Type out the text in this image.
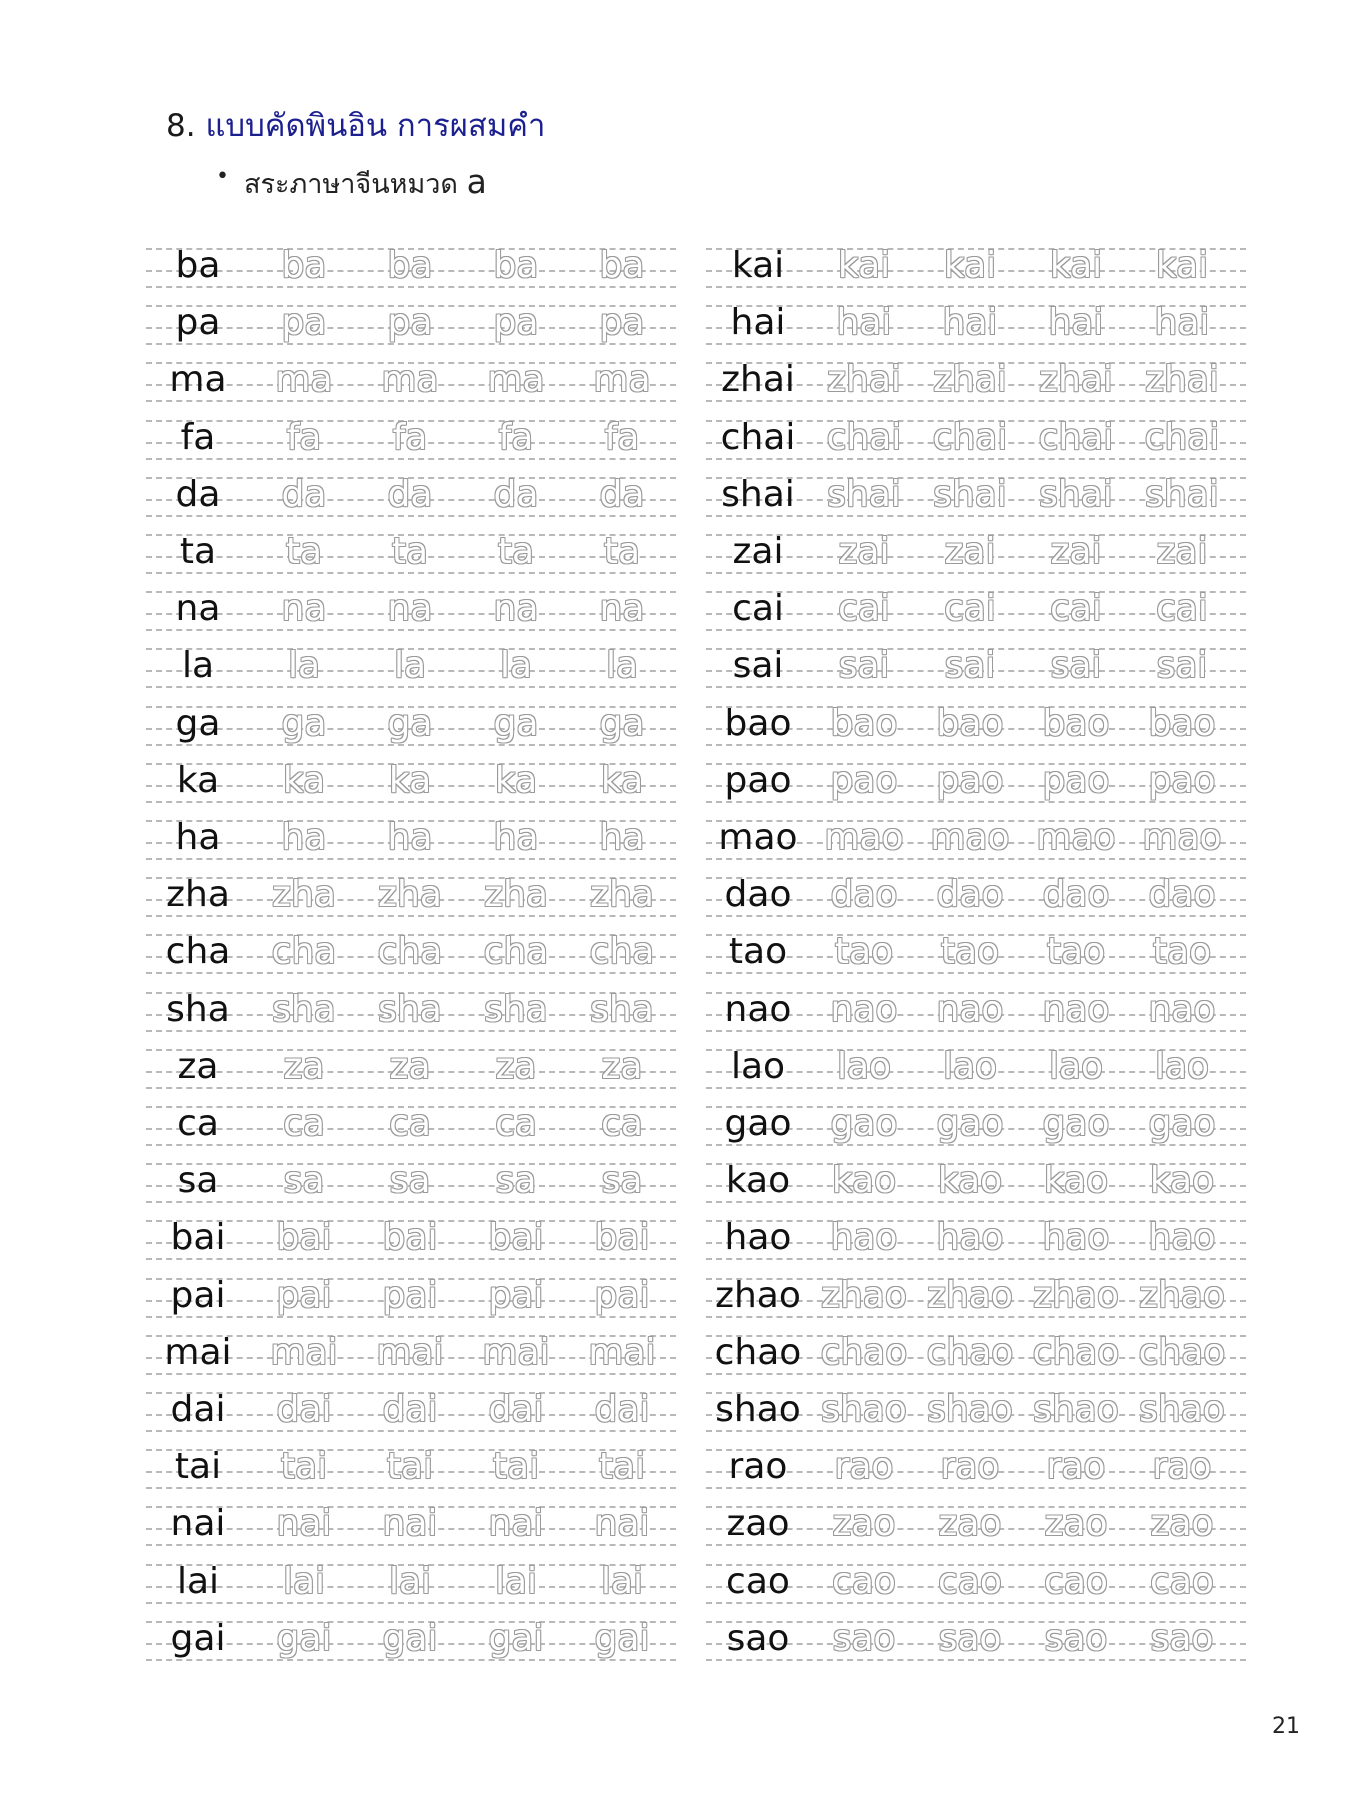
8. แบบคัดพินอิน การผสมคำ
• สระภาษาจีนหมวด a
ba	ba	ba	ba	ba
pa	pa	pa	pa	pa
ma	ma	ma	ma	ma
fa	fa	fa	fa	fa
da	da	da	da	da
ta	ta	ta	ta	ta
na	na	na	na	na
la	la	la	la	la
ga	ga	ga	ga	ga
ka	ka	ka	ka	ka
ha	ha	ha	ha	ha
zha	zha	zha	zha	zha
cha	cha	cha	cha	cha
sha	sha	sha	sha	sha
za	za	za	za	za
ca	ca	ca	ca	ca
sa	sa	sa	sa	sa
bai	bai	bai	bai	bai
pai	pai	pai	pai	pai
mai	mai	mai	mai	mai
dai	dai	dai	dai	dai
tai	tai	tai	tai	tai
nai	nai	nai	nai	nai
lai	lai	lai	lai	lai
gai	gai	gai	gai	gai
kai	kai	kai	kai	kai
hai	hai	hai	hai	hai
zhai zhai zhai zhai zhai
chai chai chai chai chai
shai shai shai shai shai
zai	zai	zai	zai	zai
cai	cai	cai	cai	cai
sai	sai	sai	sai	sai
bao	bao	bao	bao	bao
pao	pao	pao	pao	pao
mao mao mao mao mao
dao	dao	dao	dao	dao
tao	tao	tao	tao	tao
nao	nao	nao	nao	nao
lao	lao	lao	lao	lao
gao	gao	gao	gao	gao
kao	kao	kao	kao	kao
hao	hao	hao	hao	hao
zhao zhao zhao zhao zhao
chao chao chao chao chao
shao shao shao shao shao
rao	rao	rao	rao	rao
zao	zao	zao	zao	zao
cao	cao	cao	cao	cao
sao	sao	sao	sao	sao
21
